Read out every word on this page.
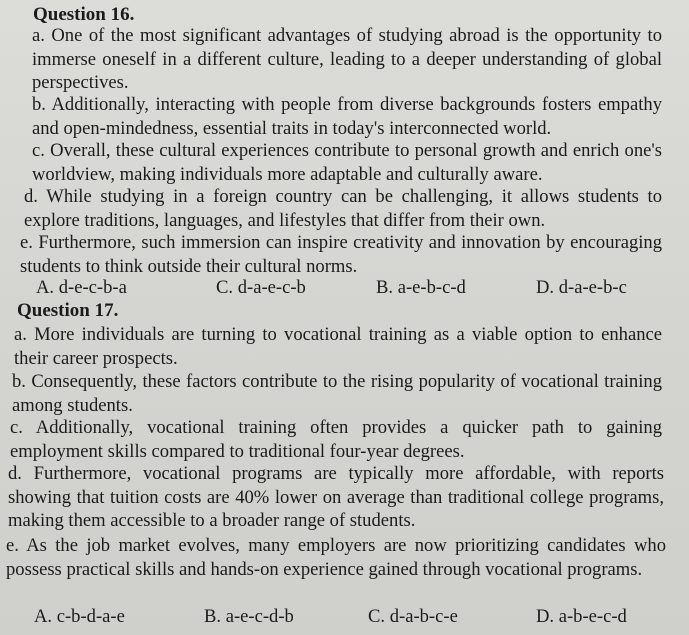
Question 16.
a. One of the most significant advantages of studying abroad is the opportunity to immerse oneself in a different culture, leading to a deeper understanding of global perspectives.
b. Additionally, interacting with people from diverse backgrounds fosters empathy and open-mindedness, essential traits in today's interconnected world.
c. Overall, these cultural experiences contribute to personal growth and enrich one's worldview, making individuals more adaptable and culturally aware.
d. While studying in a foreign country can be challenging, it allows students to explore traditions, languages, and lifestyles that differ from their own.
e. Furthermore, such immersion can inspire creativity and innovation by encouraging students to think outside their cultural norms.
A. d-e-c-b-a	C. d-a-e-c-b	B. a-e-b-c-d	D. d-a-e-b-c
Question 17.
a. More individuals are turning to vocational training as a viable option to enhance their career prospects.
b. Consequently, these factors contribute to the rising popularity of vocational training among students.
c. Additionally, vocational training often provides a quicker path to gaining employment skills compared to traditional four-year degrees.
d. Furthermore, vocational programs are typically more affordable, with reports showing that tuition costs are 40% lower on average than traditional college programs, making them accessible to a broader range of students.
e. As the job market evolves, many employers are now prioritizing candidates who possess practical skills and hands-on experience gained through vocational programs.
A. c-b-d-a-e	B. a-e-c-d-b	C. d-a-b-c-e	D. a-b-e-c-d
